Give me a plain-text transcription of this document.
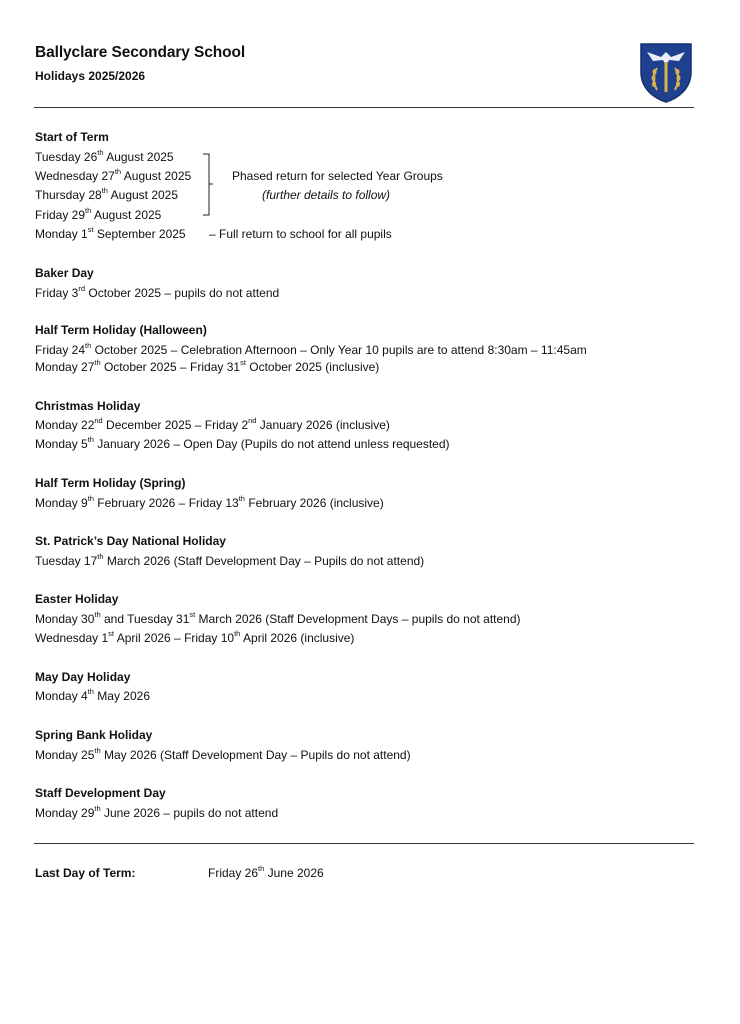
Ballyclare Secondary School
Holidays 2025/2026
Start of Term
Tuesday 26th August 2025
Wednesday 27th August 2025
Thursday 28th August 2025
Friday 29th August 2025
Monday 1st September 2025 – Full return to school for all pupils
Phased return for selected Year Groups
(further details to follow)
Baker Day
Friday 3rd October 2025 – pupils do not attend
Half Term Holiday (Halloween)
Friday 24th October 2025 – Celebration Afternoon – Only Year 10 pupils are to attend 8:30am – 11:45am
Monday 27th October 2025 – Friday 31st October 2025 (inclusive)
Christmas Holiday
Monday 22nd December 2025 – Friday 2nd January 2026 (inclusive)
Monday 5th January 2026 – Open Day (Pupils do not attend unless requested)
Half Term Holiday (Spring)
Monday 9th February 2026 – Friday 13th February 2026 (inclusive)
St. Patrick’s Day National Holiday
Tuesday 17th March 2026 (Staff Development Day – Pupils do not attend)
Easter Holiday
Monday 30th and Tuesday 31st March 2026 (Staff Development Days – pupils do not attend)
Wednesday 1st April 2026 – Friday 10th April 2026 (inclusive)
May Day Holiday
Monday 4th May 2026
Spring Bank Holiday
Monday 25th May 2026 (Staff Development Day – Pupils do not attend)
Staff Development Day
Monday 29th June 2026 – pupils do not attend
Last Day of Term:	Friday 26th June 2026
